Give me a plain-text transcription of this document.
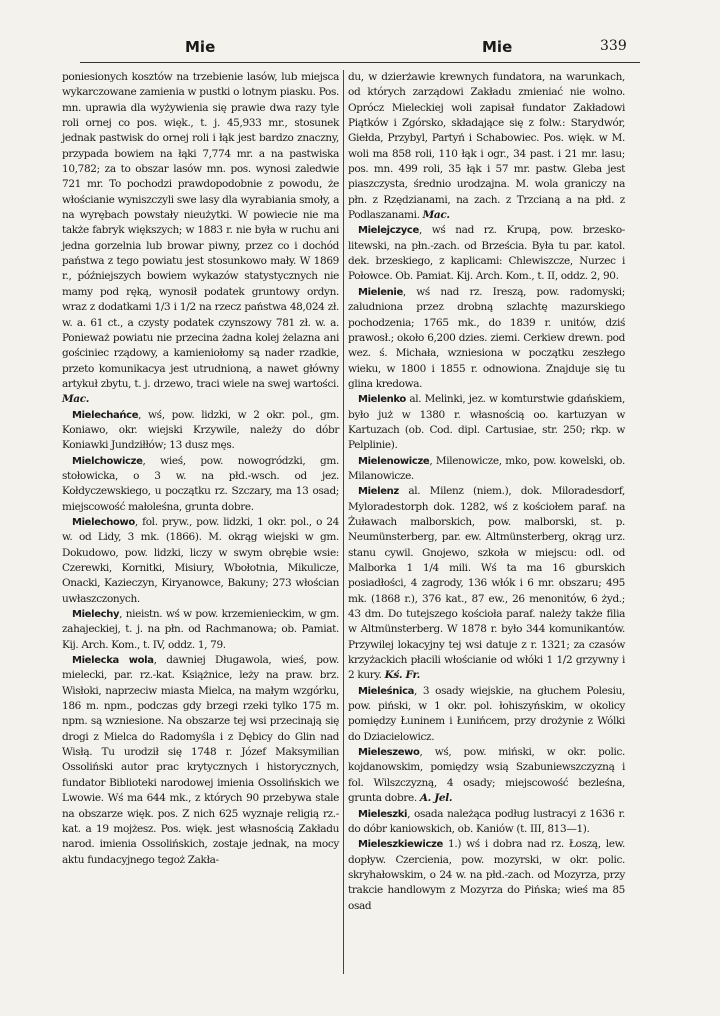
Mie	Mie	339

poniesionych kosztów na trzebienie lasów, lub miejsca wykarczowane zamienia w pustki o lotnym piasku. Pos. mn. uprawia dla wyżywienia się prawie dwa razy tyle roli ornej co pos. więk., t. j. 45,933 mr., stosunek jednak pastwisk do ornej roli i łąk jest bardzo znaczny, przypada bowiem na łąki 7,774 mr. a na pastwiska 10,782; za to obszar lasów mn. pos. wynosi zaledwie 721 mr. To pochodzi prawdopodobnie z powodu, że włościanie wyniszczyli swe lasy dla wyrabiania smoły, a na wyrębach powstały nieużytki. W powiecie nie ma także fabryk większych; w 1883 r. nie była w ruchu ani jedna gorzelnia lub browar piwny, przez co i dochód państwa z tego powiatu jest stosunkowo mały. W 1869 r., późniejszych bowiem wykazów statystycznych nie mamy pod ręką, wynosił podatek gruntowy ordyn. wraz z dodatkami 1/3 i 1/2 na rzecz państwa 48,024 zł. w. a. 61 ct., a czysty podatek czynszowy 781 zł. w. a. Ponieważ powiatu nie przecina żadna kolej żelazna ani gościniec rządowy, a kamieniołomy są nader rzadkie, przeto komunikacya jest utrudnioną, a nawet główny artykuł zbytu, t. j. drzewo, traci wiele na swej wartości. Mac.

Mielechańce, wś, pow. lidzki, w 2 okr. pol., gm. Koniawo, okr. wiejski Krzywile, należy do dóbr Koniawki Jundziłłów; 13 dusz męs.

Mielchowicze, wieś, pow. nowogródzki, gm. stołowicka, o 3 w. na płd.-wsch. od jez. Kołdyczewskiego, u początku rz. Szczary, ma 13 osad; miejscowość małoleśna, grunta dobre.

Mielechowo, fol. pryw., pow. lidzki, 1 okr. pol., o 24 w. od Lidy, 3 mk. (1866). M. okrąg wiejski w gm. Dokudowo, pow. lidzki, liczy w swym obrębie wsie: Czerewki, Kornitki, Misiury, Wbołotnia, Mikulicze, Onacki, Kazieczyn, Kiryanowce, Bakuny; 273 włościan uwłaszczonych.

Mielechy, nieistn. wś w pow. krzemienieckim, w gm. zahajeckiej, t. j. na płn. od Rachmanowa; ob. Pamiat. Kij. Arch. Kom., t. IV, oddz. 1, 79.

Mielecka wola, dawniej Długawola, wieś, pow. mielecki, par. rz.-kat. Książnice, leży na praw. brz. Wisłoki, naprzeciw miasta Mielca, na małym wzgórku, 186 m. npm., podczas gdy brzegi rzeki tylko 175 m. npm. są wzniesione. Na obszarze tej wsi przecinają się drogi z Mielca do Radomyśla i z Dębicy do Glin nad Wisłą. Tu urodził się 1748 r. Józef Maksymilian Ossoliński autor prac krytycznych i historycznych, fundator Biblioteki narodowej imienia Ossolińskich we Lwowie. Wś ma 644 mk., z których 90 przebywa stale na obszarze więk. pos. Z nich 625 wyznaje religią rz.-kat. a 19 mojżesz. Pos. więk. jest własnością Zakładu narod. imienia Ossolińskich, zostaje jednak, na mocy aktu fundacyjnego tegoż Zakła-

du, w dzierżawie krewnych fundatora, na warunkach, od których zarządowi Zakładu zmieniać nie wolno. Oprócz Mieleckiej woli zapisał fundator Zakładowi Piątków i Zgórsko, składające się z folw.: Starydwór, Giełda, Przybyl, Partyń i Schabowiec. Pos. więk. w M. woli ma 858 roli, 110 łąk i ogr., 34 past. i 21 mr. lasu; pos. mn. 499 roli, 35 łąk i 57 mr. pastw. Gleba jest piaszczysta, średnio urodzajna. M. wola graniczy na płn. z Rzędzianami, na zach. z Trzcianą a na płd. z Podlaszanami. Mac.

Mielejczyce, wś nad rz. Krupą, pow. brzesko-litewski, na płn.-zach. od Brześcia. Była tu par. katol. dek. brzeskiego, z kaplicami: Chlewiszcze, Nurzec i Połowce. Ob. Pamiat. Kij. Arch. Kom., t. II, oddz. 2, 90.

Mielenie, wś nad rz. Ireszą, pow. radomyski; zaludniona przez drobną szlachtę mazurskiego pochodzenia; 1765 mk., do 1839 r. unitów, dziś prawosł.; około 6,200 dzies. ziemi. Cerkiew drewn. pod wez. ś. Michała, wzniesiona w początku zeszłego wieku, w 1800 i 1855 r. odnowiona. Znajduje się tu glina kredowa.

Mielenko al. Melinki, jez. w komturstwie gdańskiem, było już w 1380 r. własnością oo. kartuzyan w Kartuzach (ob. Cod. dipl. Cartusiae, str. 250; rkp. w Pelplinie).

Mielenowicze, Milenowicze, mko, pow. kowelski, ob. Milanowicze.

Mielenz al. Milenz (niem.), dok. Miloradesdorf, Myloradestorph dok. 1282, wś z kościołem paraf. na Żuławach malborskich, pow. malborski, st. p. Neumünsterberg, par. ew. Altmünsterberg, okrąg urz. stanu cywil. Gnojewo, szkoła w miejscu: odl. od Malborka 1 1/4 mili. Wś ta ma 16 gburskich posiadłości, 4 zagrody, 136 włók i 6 mr. obszaru; 495 mk. (1868 r.), 376 kat., 87 ew., 26 menonitów, 6 żyd.; 43 dm. Do tutejszego kościoła paraf. należy także filia w Altmünsterberg. W 1878 r. było 344 komunikantów. Przywilej lokacyjny tej wsi datuje z r. 1321; za czasów krzyżackich płacili włościanie od włóki 1 1/2 grzywny i 2 kury. Kś. Fr.

Mieleśnica, 3 osady wiejskie, na głuchem Polesiu, pow. piński, w 1 okr. pol. łohiszyńskim, w okolicy pomiędzy Łuninem i Łunińcem, przy drożynie z Wólki do Dziacielowicz.

Mieleszewo, wś, pow. miński, w okr. polic. kojdanowskim, pomiędzy wsią Szabuniewszczyzną i fol. Wilszczyzną, 4 osady; miejscowość bezleśna, grunta dobre. A. Jel.

Mieleszki, osada należąca podług lustracyi z 1636 r. do dóbr kaniowskich, ob. Kaniów (t. III, 813—1).

Mieleszkiewicze 1.) wś i dobra nad rz. Łoszą, lew. dopływ. Czercienia, pow. mozyrski, w okr. polic. skryhałowskim, o 24 w. na płd.-zach. od Mozyrza, przy trakcie handlowym z Mozyrza do Pińska; wieś ma 85 osad
